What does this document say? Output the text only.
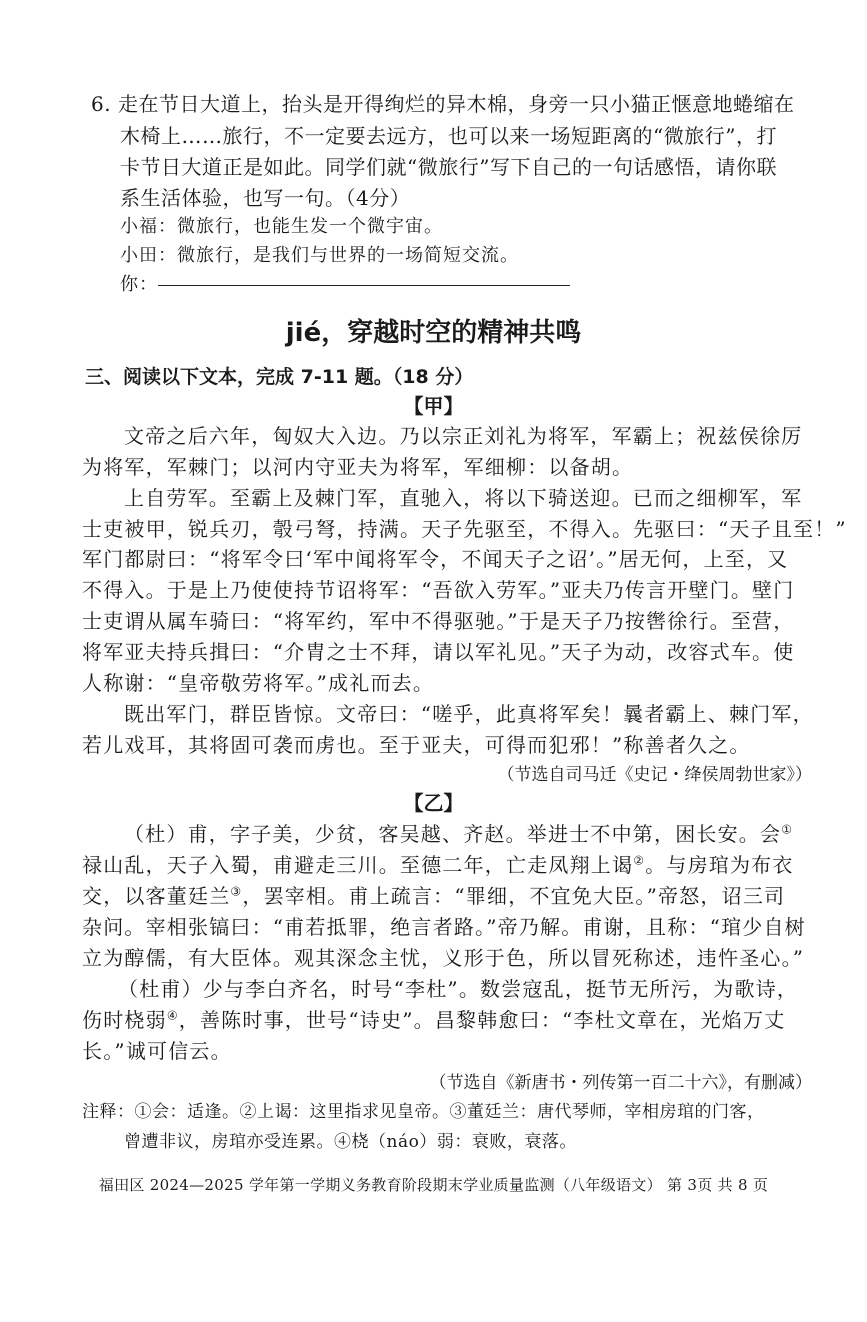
6. 走在节日大道上，抬头是开得绚烂的异木棉，身旁一只小猫正惬意地蜷缩在
木椅上……旅行，不一定要去远方，也可以来一场短距离的“微旅行”，打
卡节日大道正是如此。同学们就“微旅行”写下自己的一句话感悟，请你联
系生活体验，也写一句。（4分）
小福：微旅行，也能生发一个微宇宙。
小田：微旅行，是我们与世界的一场简短交流。
你：
jié，穿越时空的精神共鸣
三、阅读以下文本，完成 7-11 题。（18 分）
【甲】
文帝之后六年，匈奴大入边。乃以宗正刘礼为将军，军霸上；祝兹侯徐厉
为将军，军棘门；以河内守亚夫为将军，军细柳：以备胡。
上自劳军。至霸上及棘门军，直驰入，将以下骑送迎。已而之细柳军，军
士吏被甲，锐兵刃，彀弓弩，持满。天子先驱至，不得入。先驱曰：“天子且至！”
军门都尉曰：“将军令曰‘军中闻将军令，不闻天子之诏’。”居无何，上至，又
不得入。于是上乃使使持节诏将军：“吾欲入劳军。”亚夫乃传言开壁门。壁门
士吏谓从属车骑曰：“将军约，军中不得驱驰。”于是天子乃按辔徐行。至营，
将军亚夫持兵揖曰：“介胄之士不拜，请以军礼见。”天子为动，改容式车。使
人称谢：“皇帝敬劳将军。”成礼而去。
既出军门，群臣皆惊。文帝曰：“嗟乎，此真将军矣！曩者霸上、棘门军，
若儿戏耳，其将固可袭而虏也。至于亚夫，可得而犯邪！”称善者久之。
（节选自司马迁《史记・绛侯周勃世家》）
【乙】
（杜）甫，字子美，少贫，客吴越、齐赵。举进士不中第，困长安。会①
禄山乱，天子入蜀，甫避走三川。至德二年，亡走凤翔上谒②。与房琯为布衣
交，以客董廷兰③，罢宰相。甫上疏言：“罪细，不宜免大臣。”帝怒，诏三司
杂问。宰相张镐曰：“甫若抵罪，绝言者路。”帝乃解。甫谢，且称：“琯少自树
立为醇儒，有大臣体。观其深念主忧，义形于色，所以冒死称述，违忤圣心。”
（杜甫）少与李白齐名，时号“李杜”。数尝寇乱，挺节无所污，为歌诗，
伤时桡弱④，善陈时事，世号“诗史”。昌黎韩愈曰：“李杜文章在，光焰万丈
长。”诚可信云。
（节选自《新唐书・列传第一百二十六》，有删减）
注释：①会：适逢。②上谒：这里指求见皇帝。③董廷兰：唐代琴师，宰相房琯的门客，
曾遭非议，房琯亦受连累。④桡（náo）弱：衰败，衰落。
福田区 2024—2025 学年第一学期义务教育阶段期末学业质量监测（八年级语文） 第 3页 共 8 页
